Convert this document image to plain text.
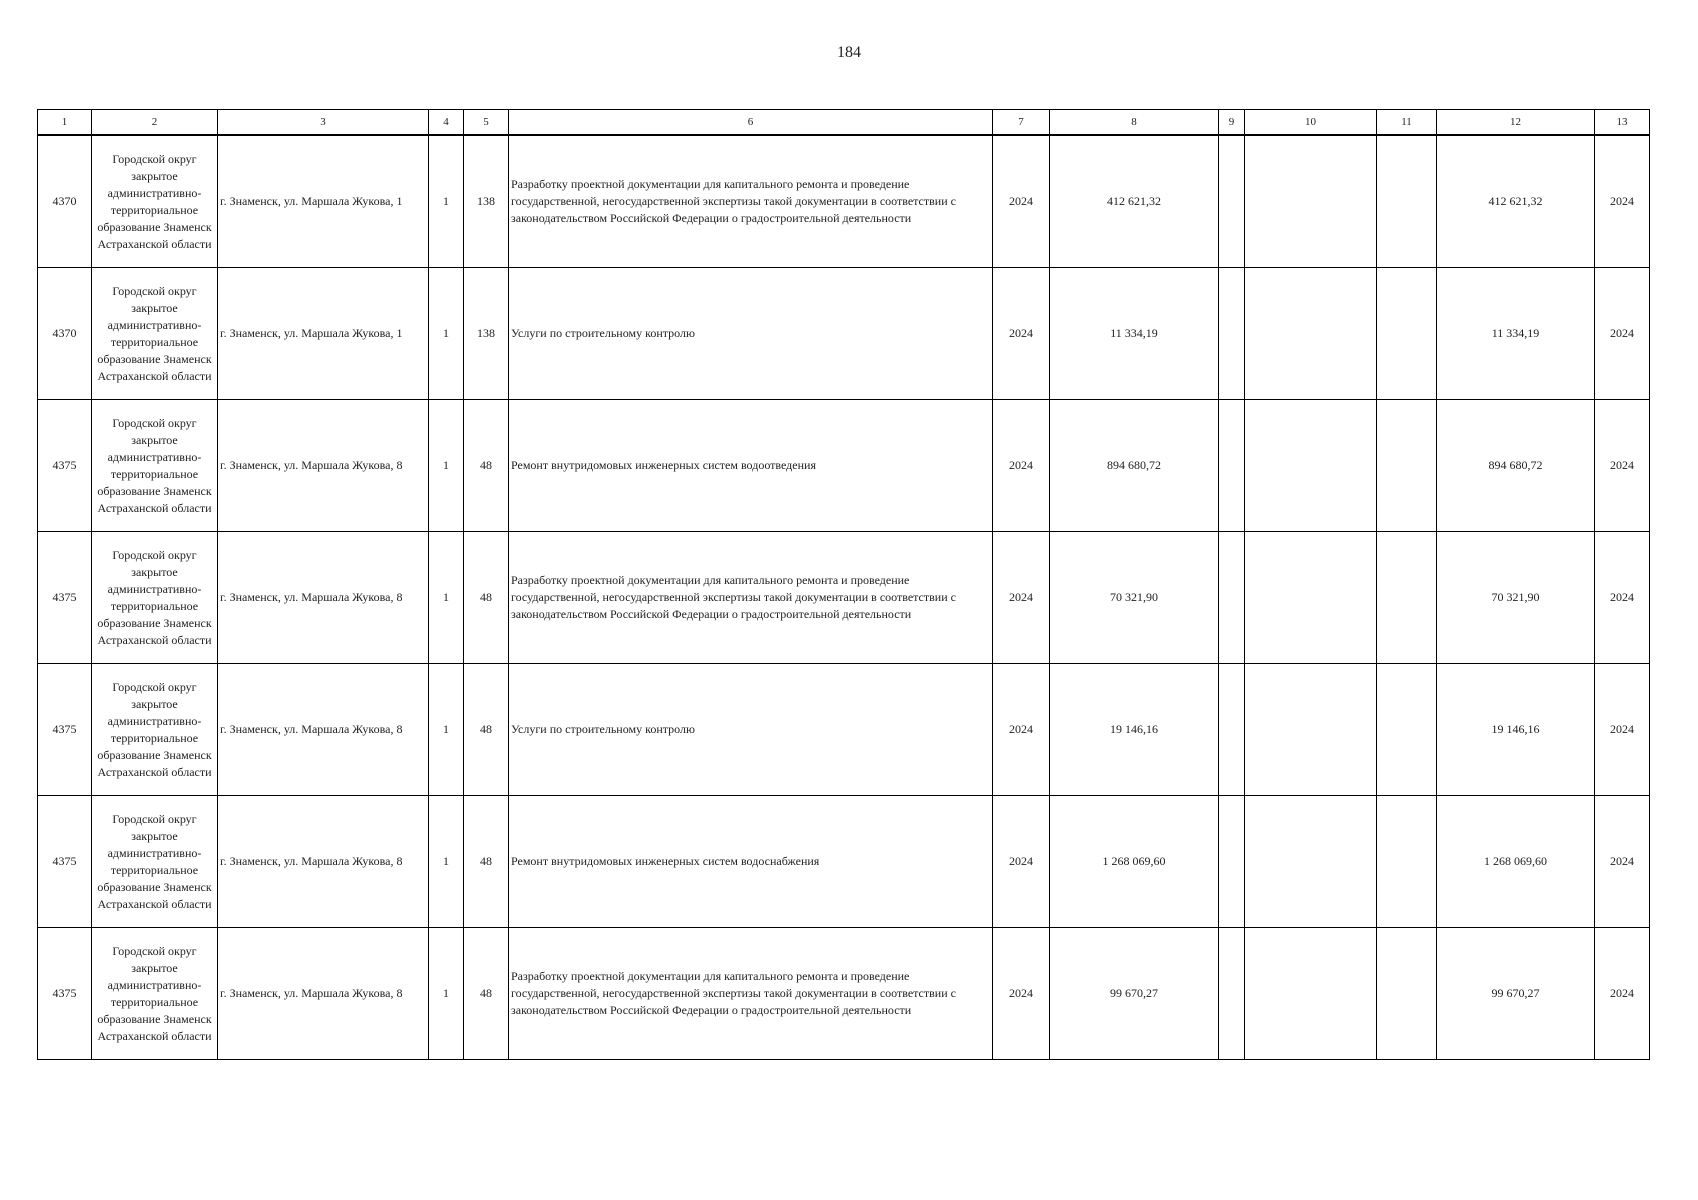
184
1	2	3	4	5	6	7	8	9	10	11	12	13
4370	Городской округ закрытое административно-территориальное образование Знаменск Астраханской области	г. Знаменск, ул. Маршала Жукова, 1	1	138	Разработку проектной документации для капитального ремонта и проведение государственной, негосударственной экспертизы такой документации в соответствии с законодательством Российской Федерации о градостроительной деятельности	2024	412 621,32				412 621,32	2024
4370	Городской округ закрытое административно-территориальное образование Знаменск Астраханской области	г. Знаменск, ул. Маршала Жукова, 1	1	138	Услуги по строительному контролю	2024	11 334,19				11 334,19	2024
4375	Городской округ закрытое административно-территориальное образование Знаменск Астраханской области	г. Знаменск, ул. Маршала Жукова, 8	1	48	Ремонт внутридомовых инженерных систем водоотведения	2024	894 680,72				894 680,72	2024
4375	Городской округ закрытое административно-территориальное образование Знаменск Астраханской области	г. Знаменск, ул. Маршала Жукова, 8	1	48	Разработку проектной документации для капитального ремонта и проведение государственной, негосударственной экспертизы такой документации в соответствии с законодательством Российской Федерации о градостроительной деятельности	2024	70 321,90				70 321,90	2024
4375	Городской округ закрытое административно-территориальное образование Знаменск Астраханской области	г. Знаменск, ул. Маршала Жукова, 8	1	48	Услуги по строительному контролю	2024	19 146,16				19 146,16	2024
4375	Городской округ закрытое административно-территориальное образование Знаменск Астраханской области	г. Знаменск, ул. Маршала Жукова, 8	1	48	Ремонт внутридомовых инженерных систем водоснабжения	2024	1 268 069,60				1 268 069,60	2024
4375	Городской округ закрытое административно-территориальное образование Знаменск Астраханской области	г. Знаменск, ул. Маршала Жукова, 8	1	48	Разработку проектной документации для капитального ремонта и проведение государственной, негосударственной экспертизы такой документации в соответствии с законодательством Российской Федерации о градостроительной деятельности	2024	99 670,27				99 670,27	2024
